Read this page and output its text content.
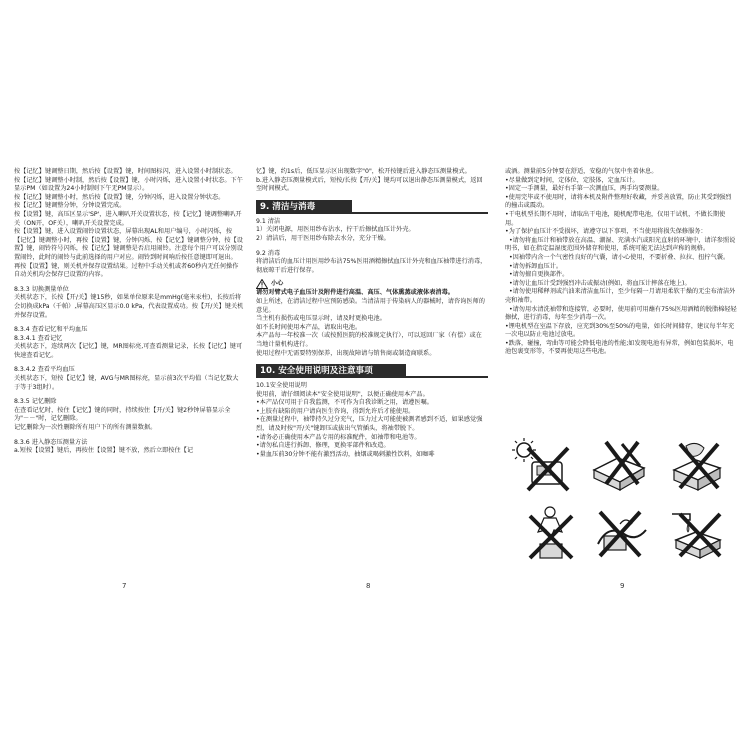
按【记忆】键调整日期，然后按【设置】键，时间图标闪，进入设置小时制状态。

按【记忆】键调整小时制，然后按【设置】键，小时闪烁，进入设置小时状态。下午显示PM（如设置为24小时制则下午无PM显示）。

按【记忆】键调整小时，然后按【设置】键，分钟闪烁，进入设置分钟状态。

按【记忆】键调整分钟，分钟设置完成。

按【设置】键，高压区显示'SP'，进入喇叭开关设置状态，按【记忆】键调整喇叭开关（ON开，OF关），喇叭开关设置完成。

按【设置】键，进入设置闹铃设置状态，屏幕出现AL和用户编号，小时闪烁，按【记忆】键调整小时，再按【设置】键，分钟闪烁，按【记忆】键调整分钟，按【设置】键，闹铃符号闪烁，按【记忆】键调整是否启用闹铃。注意每个用户可以分别设置闹铃，此时的闹铃与此前选择的用户对应。闹铃到时间响后按任意键即可退出。

再按【设置】键，则关机并保存设置结果。过程中手动关机或者60秒内无任何操作自动关机均会保存已设置的内容。

8.3.3 切换测量单位

关机状态下，长按【开/关】键15秒，如果单位原来是mmHg(毫米汞柱)，长按后将会切换成kPa（千帕）,屏幕高压区显示0.0 kPa，代表设置成功。按【开/关】键关机并保存设置。

8.3.4 查看记忆和平均血压

8.3.4.1 查看记忆

关机状态下，连续两次【记忆】键，MR图标亮,可查看测量记录，长按【记忆】键可快速查看记忆。

8.3.4.2 查看平均血压

关机状态下，短按【记忆】键，AVG与MR图标亮，显示前3次平均值（当记忆数大于等于3组时）。

8.3.5 记忆删除

在查看记忆时，按住【记忆】键的同时，持续按住【开/关】键2秒钟屏幕显示全为"－－"时，记忆删除。
记忆删除为一次性删除所有用户下的所有测量数据。

8.3.6 进入静态压测量方法

a.短按【设置】键后，再按住【设置】键不放，然后立即按住【记

7

忆】键，约1s后，低压显示区出现数字"0"，松开按键后进入静态压测量模式。
b.进入静态压测量模式后，短按/长按【开/关】键均可以退出静态压测量模式，返回至时间模式。

9. 清洁与消毒

9.1 清洁

1）关闭电源，用医用纱布沾水，拧干后擦拭血压计外壳。
2）清洁后，用干医用纱布除去水分，充分干燥。

9.2 消毒

将清洁后的血压计用医用纱布沾75%医用酒精擦拭血压计外壳和血压袖带进行消毒，彻底晾干后进行保存。

小心

请勿对臂式电子血压计及附件进行高温、高压、气体熏蒸或液体表消毒。

如上所述，在清洁过程中应预防感染。当清洁用于传染病人的器械时，请咨询医师的意见。
当主机有损伤或电压显示时，请及时更换电池。
如不长时间使用本产品，请取出电池。
本产品每一年校准一次（或按照医院的校准规定执行），可以返回厂家（有偿）或在当地计量机构进行。
使用过程中无需要特别保养，出现故障请与销售商或制造商联系。

10. 安全使用说明及注意事项

10.1安全使用说明

使用前，请仔细阅读本"安全使用说明"，以便正确使用本产品。
•本产品仅可用于自我监测，不可作为自我诊断之用，请遵医嘱。
•上肢有缺陷的用户请向医生咨询，得到允许后才能使用。
•在测量过程中，袖带持久过分充气，压力过大可能使被测者感到不适，如果感觉强烈，请及时按"开/关"键卸压或拔出气管插头，将袖带脱下。
•请务必正确使用本产品专用的标准配件，如袖带和电池等。
•请勿私自进行拆卸、修理，更换零部件和改造。
•量血压前30分钟不能有激烈活动，抽烟或喝刺激性饮料，如咖啡

8

或酒。测量前5分钟要在舒适，安稳的气氛中坐着休息。
•尽量做到定时间，定体位，定肢体，定血压计。
•固定一手测量，最好右手第一次测血压，两手均要测量。
•使用完毕或不使用时，请将本机及附件整理好收藏，并妥善放置，防止其受到强烈的撞击或震动。
•干电机型长期不用时，请取出干电池，随机配带电池，仅用干试机，不做长期使用。
•为了保护血压计不受损坏，请遵守以下事项，不当使用将损失保修服务：
•请勿将血压计和袖带放在高温、潮湿、充满水汽或阳光直射的环境中，请详参照说明书，如在指定温湿度范围外储存和使用，系统可能无法达到声称的规格。
•因袖带内含一个气密性良好的气囊，请小心使用，不要折叠、拉拉、扭拧气囊。
•请勿拆卸血压计。
•请勿擅自更换部件。
•请勿让血压计受到强烈冲击或振动(例如，将血压计摔落在地上)。
•请勿使用稀释剂或汽油来清洁血压计，至少每隔一月请用柔软干燥的无尘布清洁外壳和袖带。
•请勿用水清洗袖带和连接管，必要时，使用前可用蘸有75%医用酒精的脱脂棉轻轻擦拭，进行消毒，每年至少消毒一次。
•锂电机型在室温下存放，应充到30%至50%的电量，如长时间储存，建议每半年充一次电以防止电池过放电。
•跌落，碰撞，弯曲等可能会降低电池的性能;如发现电池有异常，例如包装损坏，电池包裹变形等，不要再使用这些电池。

9
